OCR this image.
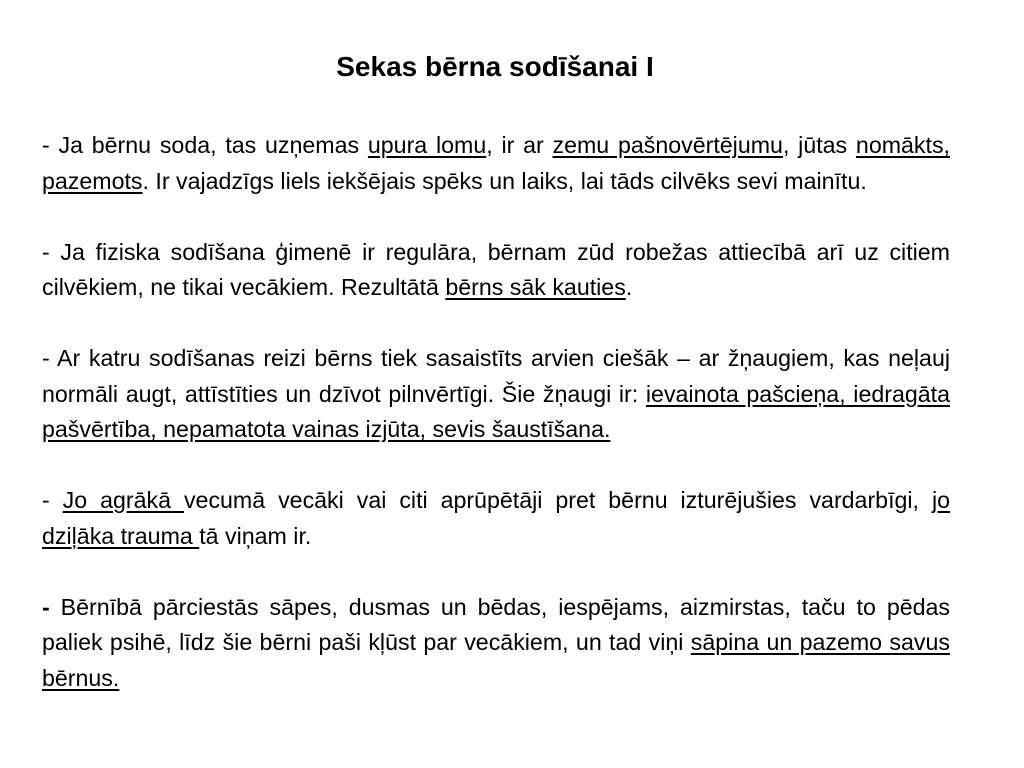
Sekas bērna sodīšanai I

- Ja bērnu soda, tas uzņemas upura lomu, ir ar zemu pašnovērtējumu, jūtas nomākts, pazemots. Ir vajadzīgs liels iekšējais spēks un laiks, lai tāds cilvēks sevi mainītu.

- Ja fiziska sodīšana ģimenē ir regulāra, bērnam zūd robežas attiecībā arī uz citiem cilvēkiem, ne tikai vecākiem. Rezultātā bērns sāk kauties.

- Ar katru sodīšanas reizi bērns tiek sasaistīts arvien ciešāk – ar žņaugiem, kas neļauj normāli augt, attīstīties un dzīvot pilnvērtīgi. Šie žņaugi ir: ievainota pašcieņa, iedragāta pašvērtība, nepamatota vainas izjūta, sevis šaustīšana.

- Jo agrākā vecumā vecāki vai citi aprūpētāji pret bērnu izturējušies vardarbīgi, jo dziļāka trauma tā viņam ir.

- Bērnībā pārciestās sāpes, dusmas un bēdas, iespējams, aizmirstas, taču to pēdas paliek psihē, līdz šie bērni paši kļūst par vecākiem, un tad viņi sāpina un pazemo savus bērnus.
